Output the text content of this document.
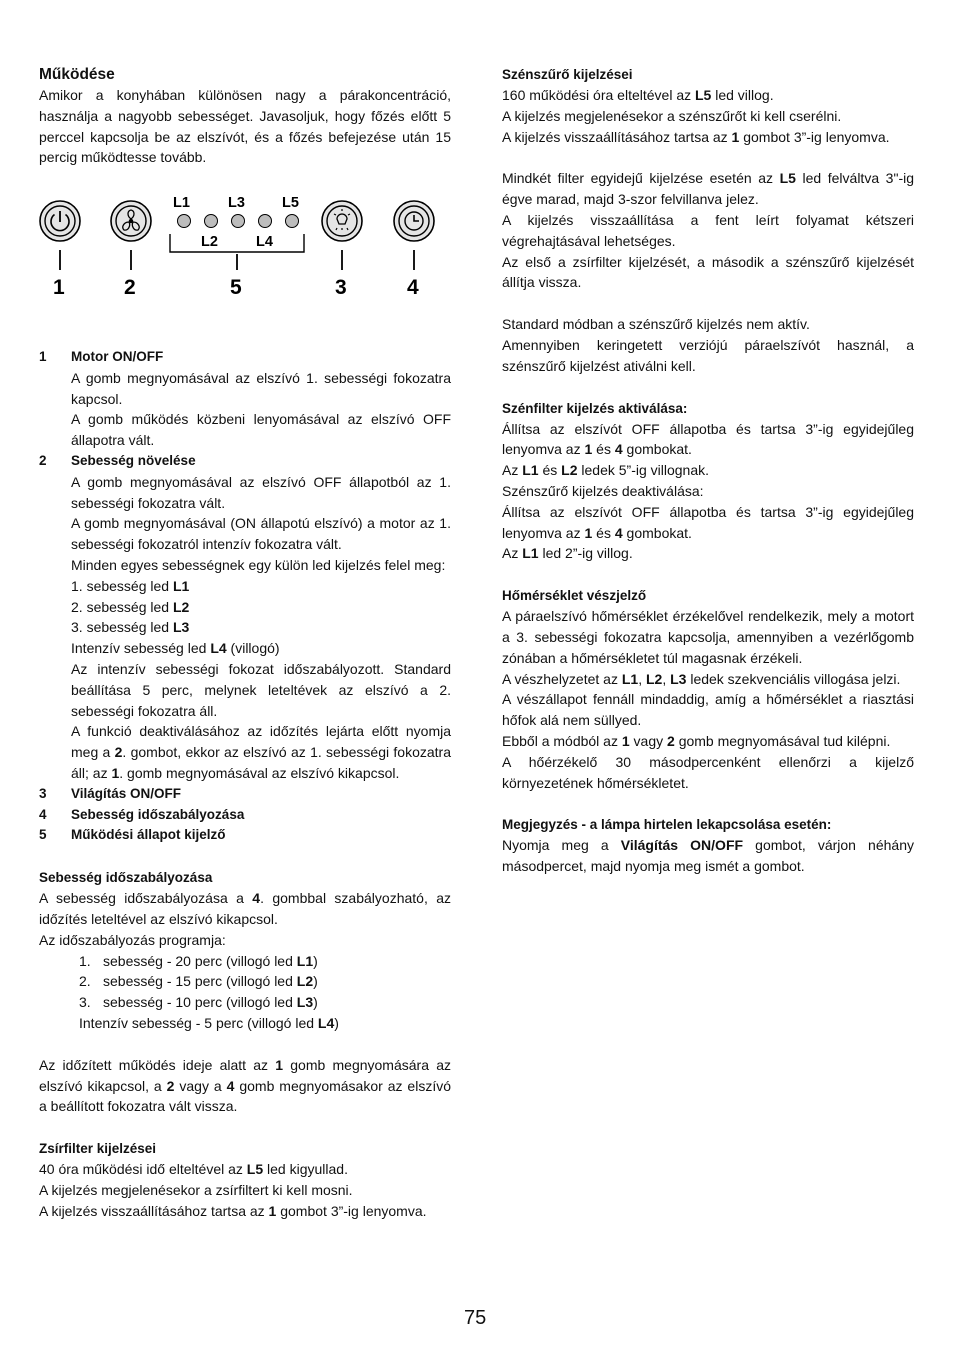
Működése

Amikor a konyhában különösen nagy a párakoncentráció, használja a nagyobb sebességet. Javasoljuk, hogy főzés előtt 5 perccel kapcsolja be az elszívót, és a főzés befejezése után 15 percig működtesse tovább.

L1	L3	L5
L2	L4
1	2	5	3	4
1	Motor ON/OFF

A gomb megnyomásával az elszívó 1. sebességi fokozatra kapcsol.

A gomb működés közbeni lenyomásával az elszívó OFF állapotra vált.

2	Sebesség növelése

A gomb megnyomásával az elszívó OFF állapotból az 1. sebességi fokozatra vált.

A gomb megnyomásával (ON állapotú elszívó) a motor az 1. sebességi fokozatról intenzív fokozatra vált.

Minden egyes sebességnek egy külön led kijelzés felel meg:

1. sebesség led L1

2. sebesség led L2

3. sebesség led L3

Intenzív sebesség led L4 (villogó)

Az intenzív sebességi fokozat időszabályozott. Standard beállítása 5 perc, melynek leteltévek az elszívó a 2. sebességi fokozatra áll.

A funkció deaktiválásához az időzítés lejárta előtt nyomja meg a 2. gombot, ekkor az elszívó az 1. sebességi fokozatra áll; az 1. gomb megnyomásával az elszívó kikapcsol.

3	Világítás ON/OFF
4	Sebesség időszabályozása
5	Működési állapot kijelző

Sebesség időszabályozása

A sebesség időszabályozása a 4. gombbal szabályozható, az időzítés leteltével az elszívó kikapcsol.

Az időszabályozás programja:

1. sebesség - 20 perc (villogó led L1)

2. sebesség - 15 perc (villogó led L2)

3. sebesség - 10 perc (villogó led L3)

Intenzív sebesség - 5 perc (villogó led L4)

Az időzített működés ideje alatt az 1 gomb megnyomására az elszívó kikapcsol, a 2 vagy a 4 gomb megnyomásakor az elszívó a beállított fokozatra vált vissza.

Zsírfilter kijelzései

40 óra működési idő elteltével az L5 led kigyullad.

A kijelzés megjelenésekor a zsírfiltert ki kell mosni.

A kijelzés visszaállításához tartsa az 1 gombot 3”-ig lenyomva.

Szénszűrő kijelzései

160 működési óra elteltével az L5 led villog.

A kijelzés megjelenésekor a szénszűrőt ki kell cserélni.

A kijelzés visszaállításához tartsa az 1 gombot 3”-ig lenyomva.

Mindkét filter egyidejű kijelzése esetén az L5 led felváltva 3"-ig égve marad, majd 3-szor felvillanva jelez.

A kijelzés visszaállítása a fent leírt folyamat kétszeri végrehajtásával lehetséges.

Az első a zsírfilter kijelzését, a második a szénszűrő kijelzését állítja vissza.

Standard módban a szénszűrő kijelzés nem aktív.

Amennyiben keringetett verziójú páraelszívót használ, a szénszűrő kijelzést ativálni kell.

Szénfilter kijelzés aktiválása:

Állítsa az elszívót OFF állapotba és tartsa 3”-ig egyidejűleg lenyomva az 1 és 4 gombokat.

Az L1 és L2 ledek 5”-ig villognak.

Szénszűrő kijelzés deaktiválása:

Állítsa az elszívót OFF állapotba és tartsa 3”-ig egyidejűleg lenyomva az 1 és 4 gombokat.

Az L1 led 2”-ig villog.

Hőmérséklet vészjelző

A páraelszívó hőmérséklet érzékelővel rendelkezik, mely a motort a 3. sebességi fokozatra kapcsolja, amennyiben a vezérlőgomb zónában a hőmérsékletet túl magasnak érzékeli.

A vészhelyzetet az L1, L2, L3 ledek szekvenciális villogása jelzi.

A vészállapot fennáll mindaddig, amíg a hőmérséklet a riasztási hőfok alá nem süllyed.

Ebből a módból az 1 vagy 2 gomb megnyomásával tud kilépni.

A hőérzékelő 30 másodpercenként ellenőrzi a kijelző környezetének hőmérsékletet.

Megjegyzés - a lámpa hirtelen lekapcsolása esetén:

Nyomja meg a Világítás ON/OFF gombot, várjon néhány másodpercet, majd nyomja meg ismét a gombot.

75
